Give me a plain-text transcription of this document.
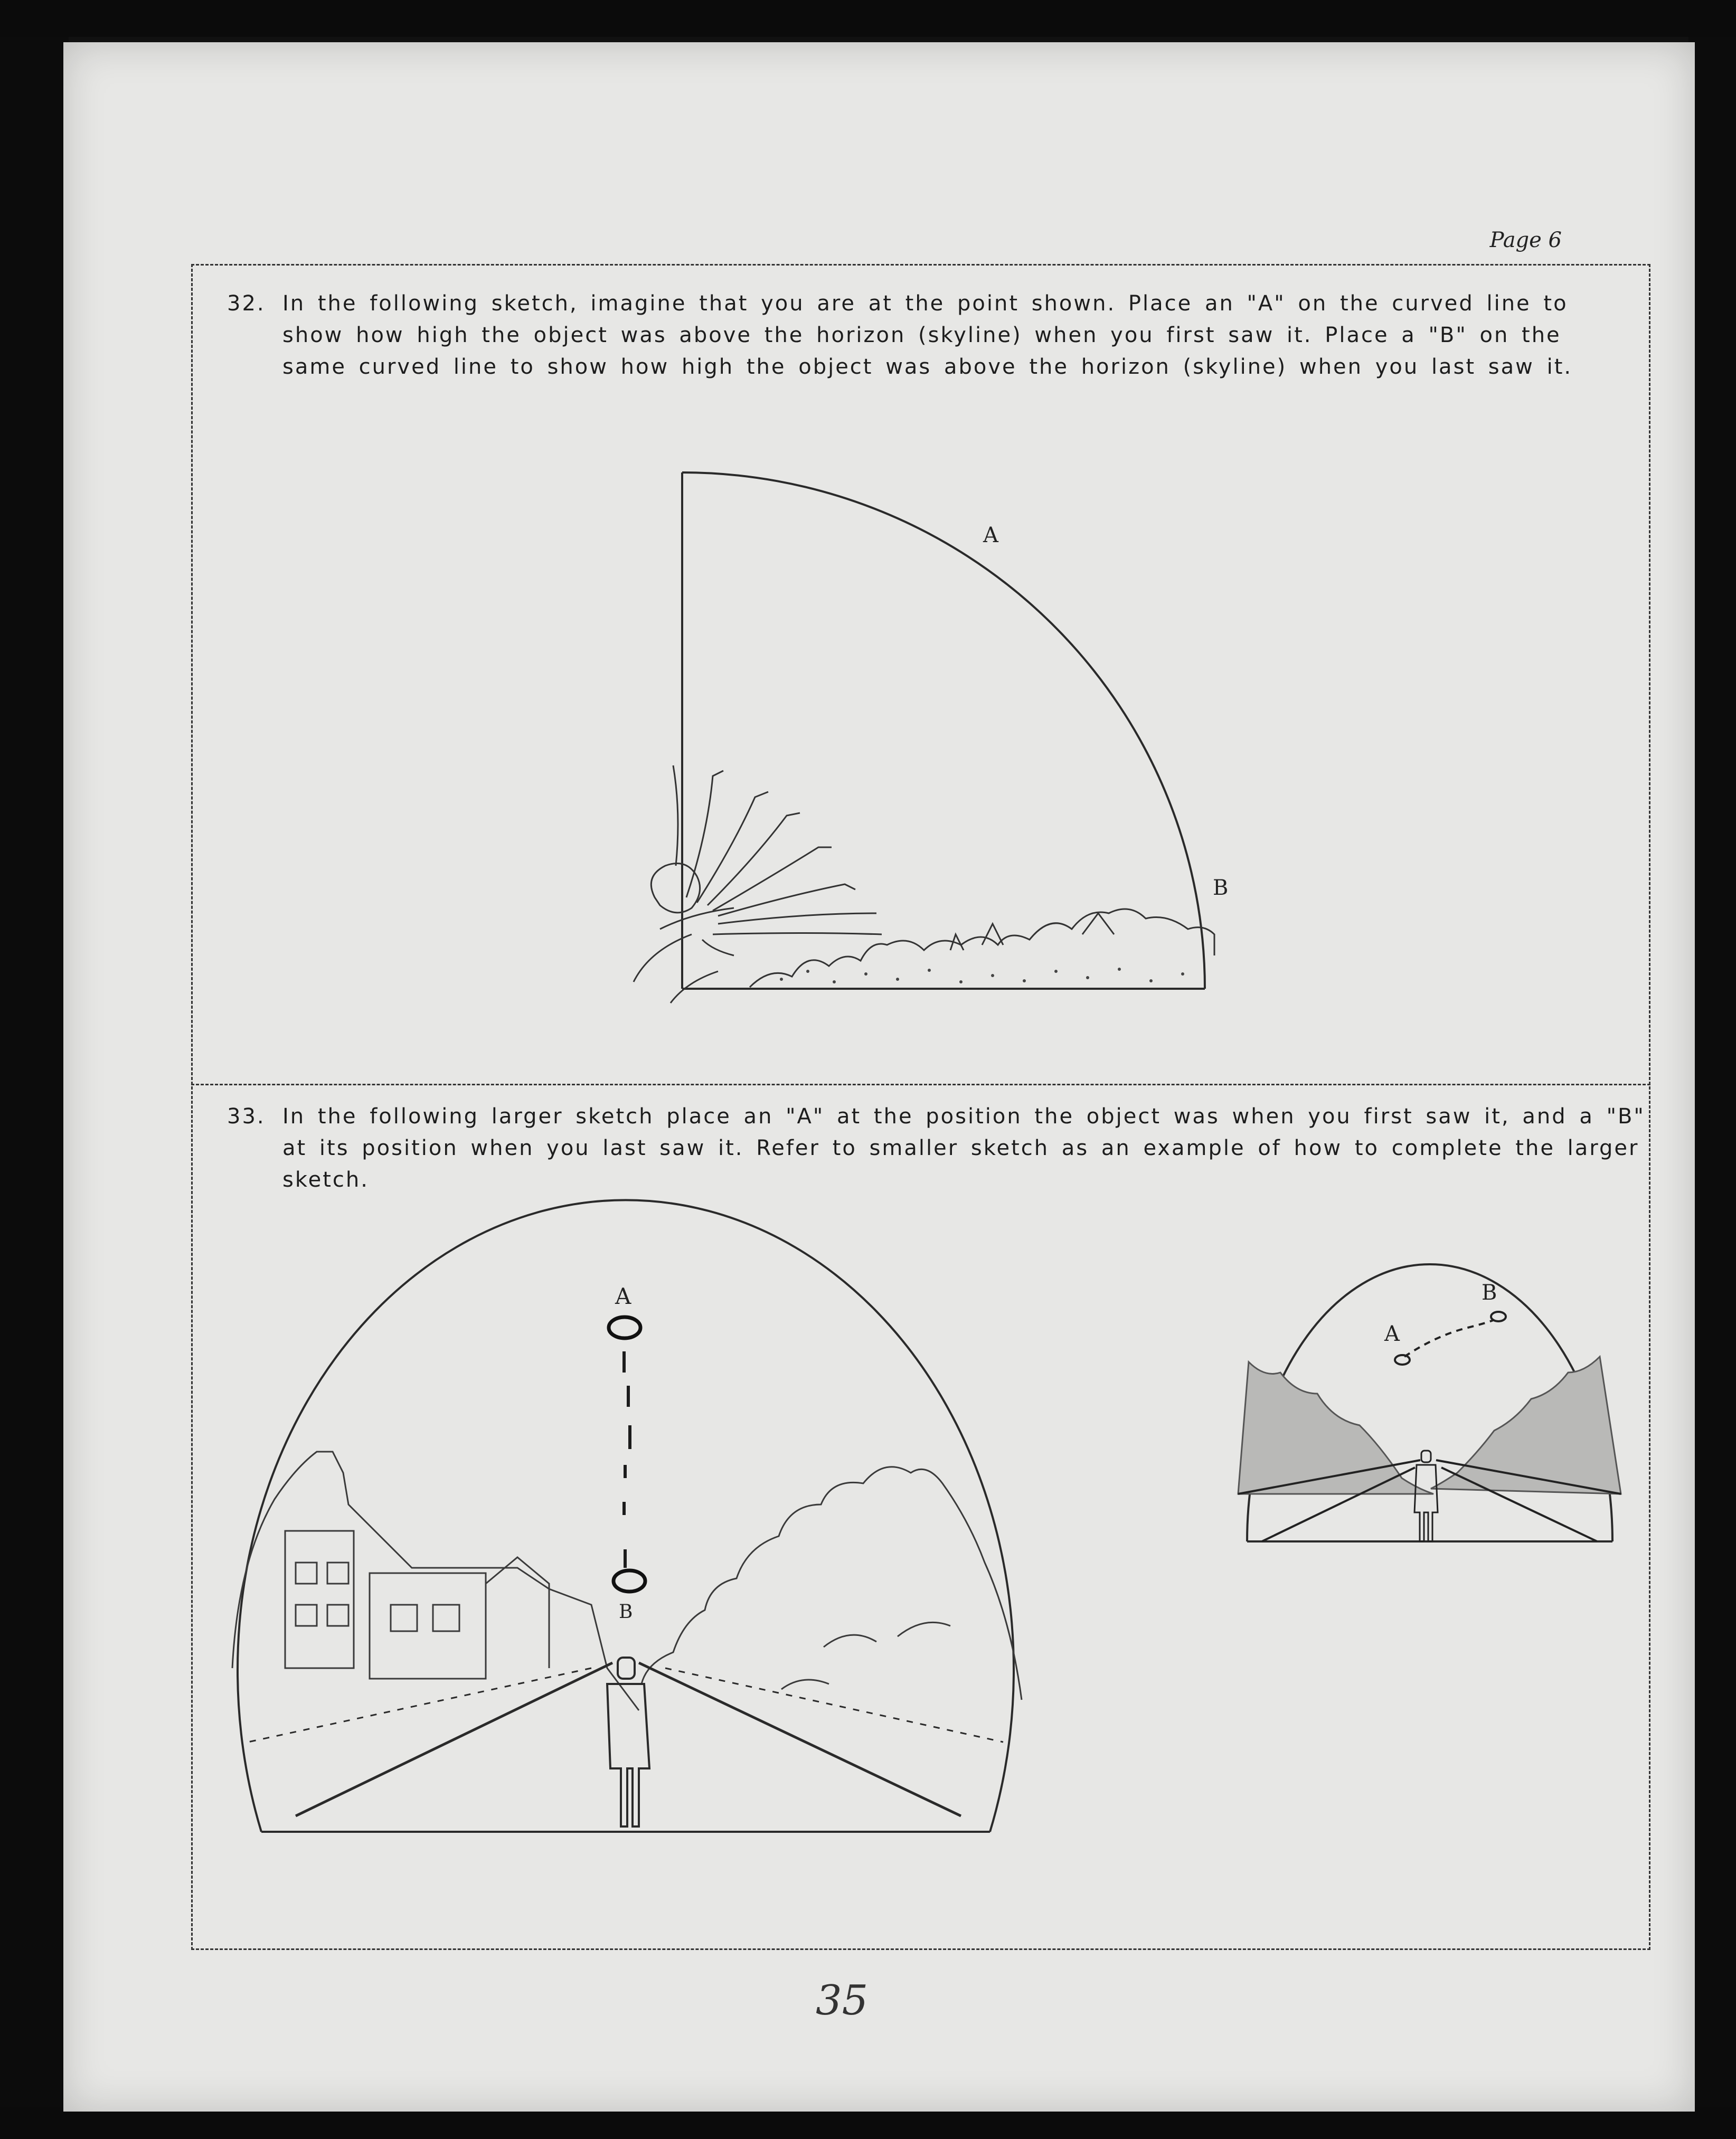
Page 6
32. In the following sketch, imagine that you are at the point shown. Place an "A" on the curved line to show how high the object was above the horizon (skyline) when you first saw it. Place a "B" on the same curved line to show how high the object was above the horizon (skyline) when you last saw it.
A
B
33. In the following larger sketch place an "A" at the position the object was when you first saw it, and a "B" at its position when you last saw it. Refer to smaller sketch as an example of how to complete the larger sketch.
A
B
A
B
35
